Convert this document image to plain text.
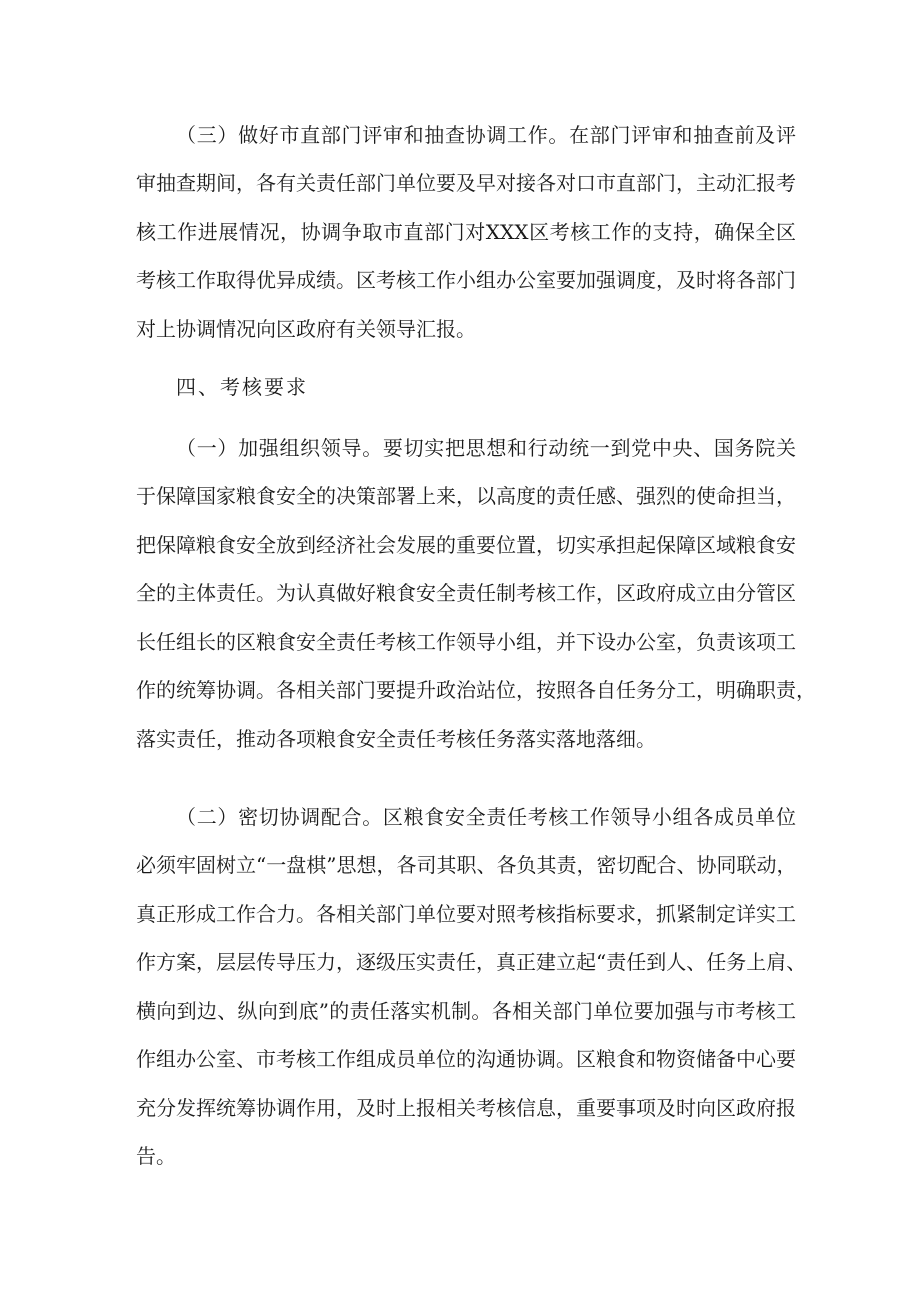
（三）做好市直部门评审和抽查协调工作。在部门评审和抽查前及评
审抽查期间，各有关责任部门单位要及早对接各对口市直部门，主动汇报考
核工作进展情况，协调争取市直部门对XXX区考核工作的支持，确保全区
考核工作取得优异成绩。区考核工作小组办公室要加强调度，及时将各部门
对上协调情况向区政府有关领导汇报。
四、考核要求
（一）加强组织领导。要切实把思想和行动统一到党中央、国务院关
于保障国家粮食安全的决策部署上来，以高度的责任感、强烈的使命担当，
把保障粮食安全放到经济社会发展的重要位置，切实承担起保障区域粮食安
全的主体责任。为认真做好粮食安全责任制考核工作，区政府成立由分管区
长任组长的区粮食安全责任考核工作领导小组，并下设办公室，负责该项工
作的统筹协调。各相关部门要提升政治站位，按照各自任务分工，明确职责，
落实责任，推动各项粮食安全责任考核任务落实落地落细。
（二）密切协调配合。区粮食安全责任考核工作领导小组各成员单位
必须牢固树立“一盘棋”思想，各司其职、各负其责，密切配合、协同联动，
真正形成工作合力。各相关部门单位要对照考核指标要求，抓紧制定详实工
作方案，层层传导压力，逐级压实责任，真正建立起“责任到人、任务上肩、
横向到边、纵向到底”的责任落实机制。各相关部门单位要加强与市考核工
作组办公室、市考核工作组成员单位的沟通协调。区粮食和物资储备中心要
充分发挥统筹协调作用，及时上报相关考核信息，重要事项及时向区政府报
告。
